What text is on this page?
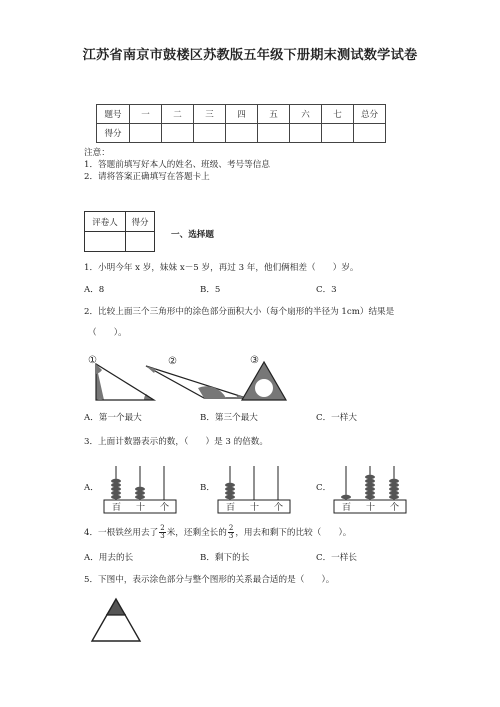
江苏省南京市鼓楼区苏教版五年级下册期末测试数学试卷
题号	一	二	三	四	五	六	七	总分
得分								
注意：
1．答题前填写好本人的姓名、班级、考号等信息
2．请将答案正确填写在答题卡上
评卷人	得分

一、选择题
1．小明今年 x 岁，妹妹 x－5 岁，再过 3 年，他们俩相差（　　）岁。
A．8	B．5	C．3
2．比较上面三个三角形中的涂色部分面积大小（每个扇形的半径为 1cm）结果是
（　　）。
①	②	③
A．第一个最大	B．第三个最大	C．一样大
3．上面计数器表示的数，（　　）是 3 的倍数。
A．	B．	C．
百 十 个	百 十 个	百 十 个
4．一根铁丝用去了 $\frac{2}{3}$ 米，还剩全长的 $\frac{2}{3}$ ，用去和剩下的比较（　　）。
A．用去的长	B．剩下的长	C．一样长
5．下图中，表示涂色部分与整个图形的关系最合适的是（　　）。
